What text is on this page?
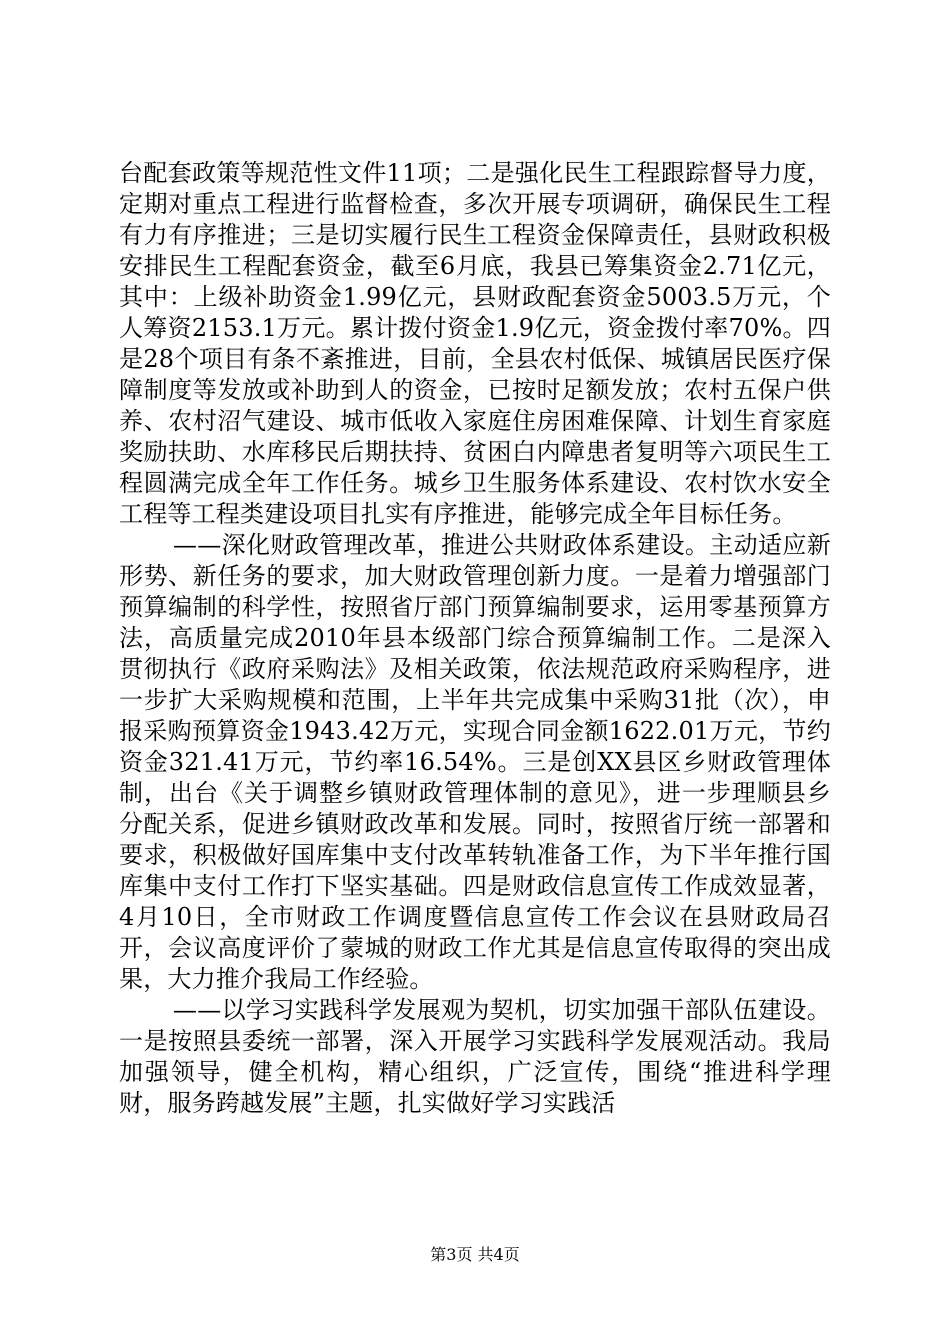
台配套政策等规范性文件11项；二是强化民生工程跟踪督导力度，定期对重点工程进行监督检查，多次开展专项调研，确保民生工程有力有序推进；三是切实履行民生工程资金保障责任，县财政积极安排民生工程配套资金，截至6月底，我县已筹集资金2.71亿元，其中：上级补助资金1.99亿元，县财政配套资金5003.5万元，个人筹资2153.1万元。累计拨付资金1.9亿元，资金拨付率70%。四是28个项目有条不紊推进，目前，全县农村低保、城镇居民医疗保障制度等发放或补助到人的资金，已按时足额发放；农村五保户供养、农村沼气建设、城市低收入家庭住房困难保障、计划生育家庭奖励扶助、水库移民后期扶持、贫困白内障患者复明等六项民生工程圆满完成全年工作任务。城乡卫生服务体系建设、农村饮水安全工程等工程类建设项目扎实有序推进，能够完成全年目标任务。

——深化财政管理改革，推进公共财政体系建设。主动适应新形势、新任务的要求，加大财政管理创新力度。一是着力增强部门预算编制的科学性，按照省厅部门预算编制要求，运用零基预算方法，高质量完成2010年县本级部门综合预算编制工作。二是深入贯彻执行《政府采购法》及相关政策，依法规范政府采购程序，进一步扩大采购规模和范围，上半年共完成集中采购31批（次），申报采购预算资金1943.42万元，实现合同金额1622.01万元，节约资金321.41万元，节约率16.54%。三是创XX县区乡财政管理体制，出台《关于调整乡镇财政管理体制的意见》，进一步理顺县乡分配关系，促进乡镇财政改革和发展。同时，按照省厅统一部署和要求，积极做好国库集中支付改革转轨准备工作，为下半年推行国库集中支付工作打下坚实基础。四是财政信息宣传工作成效显著，4月10日，全市财政工作调度暨信息宣传工作会议在县财政局召开，会议高度评价了蒙城的财政工作尤其是信息宣传取得的突出成果，大力推介我局工作经验。

——以学习实践科学发展观为契机，切实加强干部队伍建设。一是按照县委统一部署，深入开展学习实践科学发展观活动。我局加强领导，健全机构，精心组织，广泛宣传，围绕“推进科学理财，服务跨越发展”主题，扎实做好学习实践活

第3页 共4页
